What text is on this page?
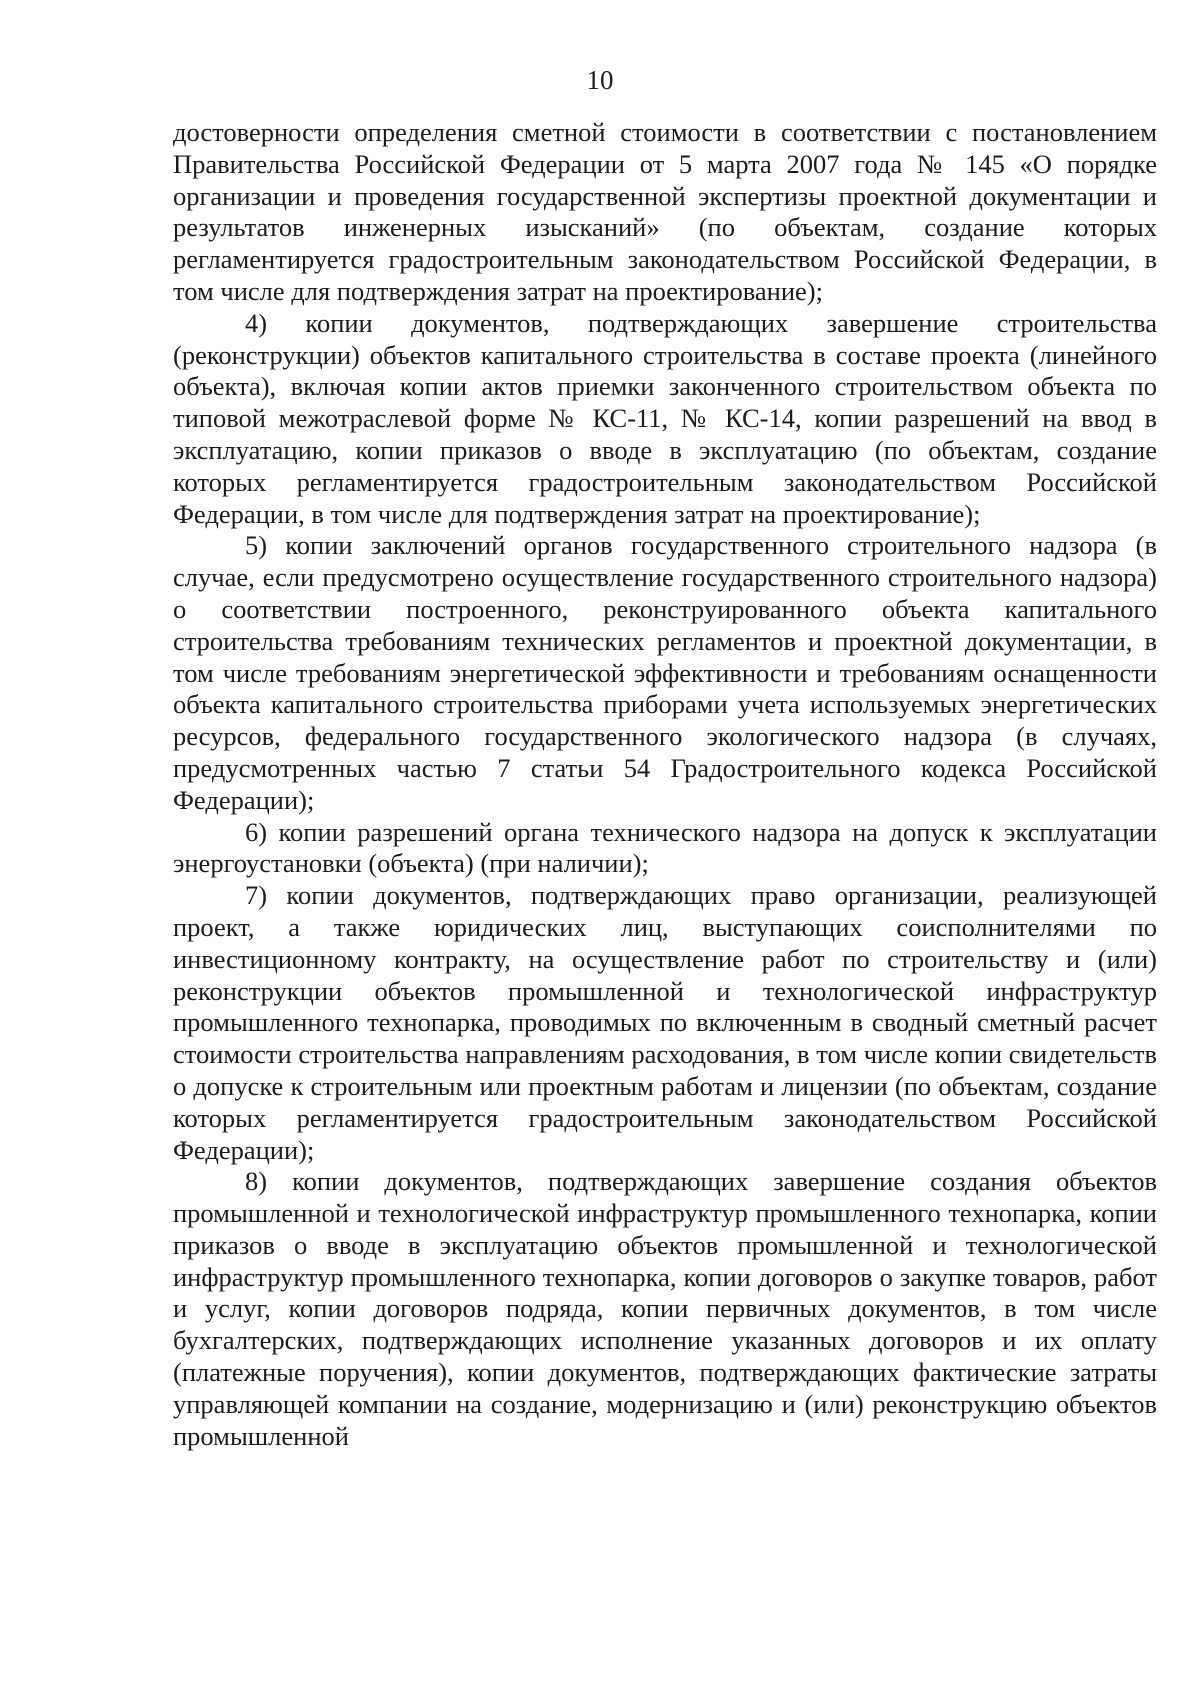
10

достоверности определения сметной стоимости в соответствии с постановлением Правительства Российской Федерации от 5 марта 2007 года № 145 «О порядке организации и проведения государственной экспертизы проектной документации и результатов инженерных изысканий» (по объектам, создание которых регламентируется градостроительным законодательством Российской Федерации, в том числе для подтверждения затрат на проектирование);

4) копии документов, подтверждающих завершение строительства (реконструкции) объектов капитального строительства в составе проекта (линейного объекта), включая копии актов приемки законченного строительством объекта по типовой межотраслевой форме № КС-11, № КС-14, копии разрешений на ввод в эксплуатацию, копии приказов о вводе в эксплуатацию (по объектам, создание которых регламентируется градостроительным законодательством Российской Федерации, в том числе для подтверждения затрат на проектирование);

5) копии заключений органов государственного строительного надзора (в случае, если предусмотрено осуществление государственного строительного надзора) о соответствии построенного, реконструированного объекта капитального строительства требованиям технических регламентов и проектной документации, в том числе требованиям энергетической эффективности и требованиям оснащенности объекта капитального строительства приборами учета используемых энергетических ресурсов, федерального государственного экологического надзора (в случаях, предусмотренных частью 7 статьи 54 Градостроительного кодекса Российской Федерации);

6) копии разрешений органа технического надзора на допуск к эксплуатации энергоустановки (объекта) (при наличии);

7) копии документов, подтверждающих право организации, реализующей проект, а также юридических лиц, выступающих соисполнителями по инвестиционному контракту, на осуществление работ по строительству и (или) реконструкции объектов промышленной и технологической инфраструктур промышленного технопарка, проводимых по включенным в сводный сметный расчет стоимости строительства направлениям расходования, в том числе копии свидетельств о допуске к строительным или проектным работам и лицензии (по объектам, создание которых регламентируется градостроительным законодательством Российской Федерации);

8) копии документов, подтверждающих завершение создания объектов промышленной и технологической инфраструктур промышленного технопарка, копии приказов о вводе в эксплуатацию объектов промышленной и технологической инфраструктур промышленного технопарка, копии договоров о закупке товаров, работ и услуг, копии договоров подряда, копии первичных документов, в том числе бухгалтерских, подтверждающих исполнение указанных договоров и их оплату (платежные поручения), копии документов, подтверждающих фактические затраты управляющей компании на создание, модернизацию и (или) реконструкцию объектов промышленной
